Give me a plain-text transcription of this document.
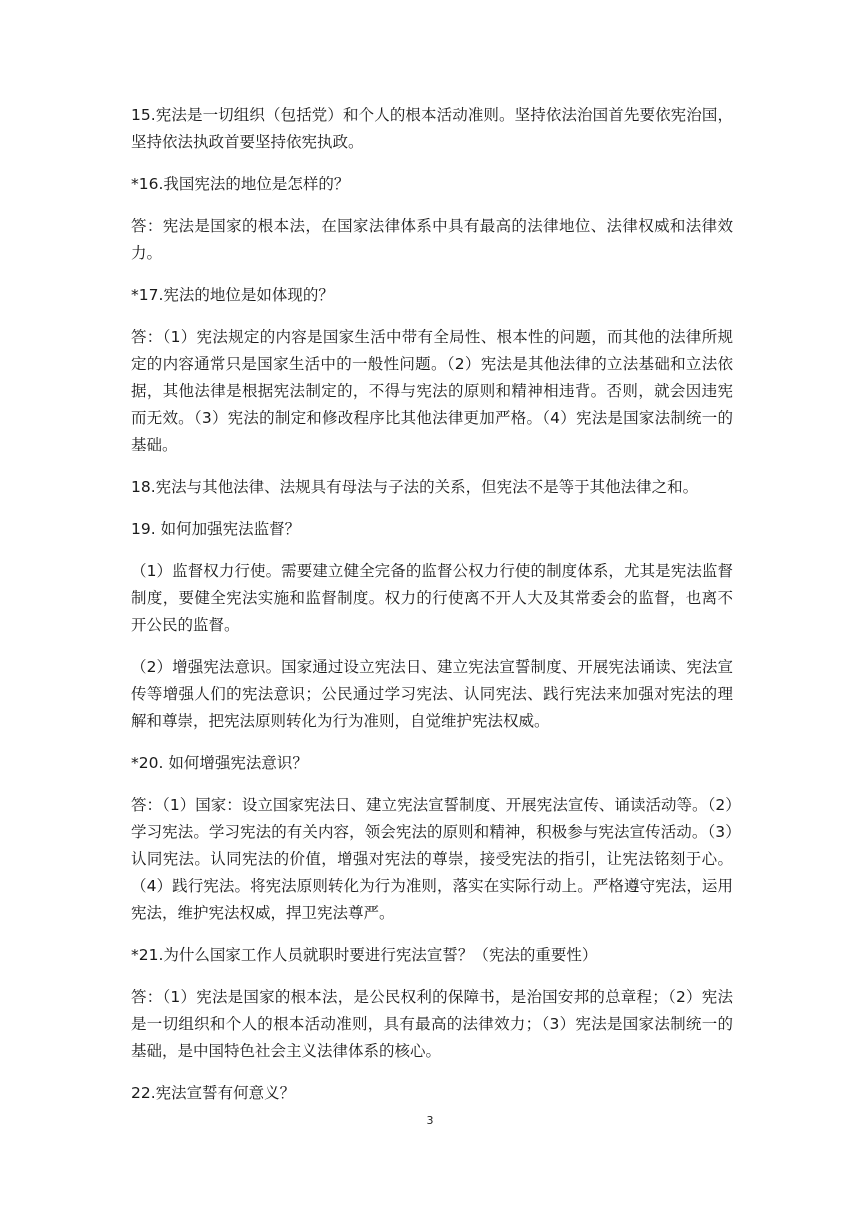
15.宪法是一切组织（包括党）和个人的根本活动准则。坚持依法治国首先要依宪治国，坚持依法执政首要坚持依宪执政。

*16.我国宪法的地位是怎样的？

答：宪法是国家的根本法，在国家法律体系中具有最高的法律地位、法律权威和法律效力。

*17.宪法的地位是如体现的？

答：（1）宪法规定的内容是国家生活中带有全局性、根本性的问题，而其他的法律所规定的内容通常只是国家生活中的一般性问题。（2）宪法是其他法律的立法基础和立法依据，其他法律是根据宪法制定的，不得与宪法的原则和精神相违背。否则，就会因违宪而无效。（3）宪法的制定和修改程序比其他法律更加严格。（4）宪法是国家法制统一的基础。

18.宪法与其他法律、法规具有母法与子法的关系，但宪法不是等于其他法律之和。

19. 如何加强宪法监督？

（1）监督权力行使。需要建立健全完备的监督公权力行使的制度体系，尤其是宪法监督制度，要健全宪法实施和监督制度。权力的行使离不开人大及其常委会的监督，也离不开公民的监督。

（2）增强宪法意识。国家通过设立宪法日、建立宪法宣誓制度、开展宪法诵读、宪法宣传等增强人们的宪法意识；公民通过学习宪法、认同宪法、践行宪法来加强对宪法的理解和尊崇，把宪法原则转化为行为准则，自觉维护宪法权威。

*20. 如何增强宪法意识？

答：（1）国家：设立国家宪法日、建立宪法宣誓制度、开展宪法宣传、诵读活动等。（2）学习宪法。学习宪法的有关内容，领会宪法的原则和精神，积极参与宪法宣传活动。（3）认同宪法。认同宪法的价值，增强对宪法的尊崇，接受宪法的指引，让宪法铭刻于心。（4）践行宪法。将宪法原则转化为行为准则，落实在实际行动上。严格遵守宪法，运用宪法，维护宪法权威，捍卫宪法尊严。

*21.为什么国家工作人员就职时要进行宪法宣誓？（宪法的重要性）

答：（1）宪法是国家的根本法，是公民权利的保障书，是治国安邦的总章程；（2）宪法是一切组织和个人的根本活动准则，具有最高的法律效力；（3）宪法是国家法制统一的基础，是中国特色社会主义法律体系的核心。

22.宪法宣誓有何意义？

3
